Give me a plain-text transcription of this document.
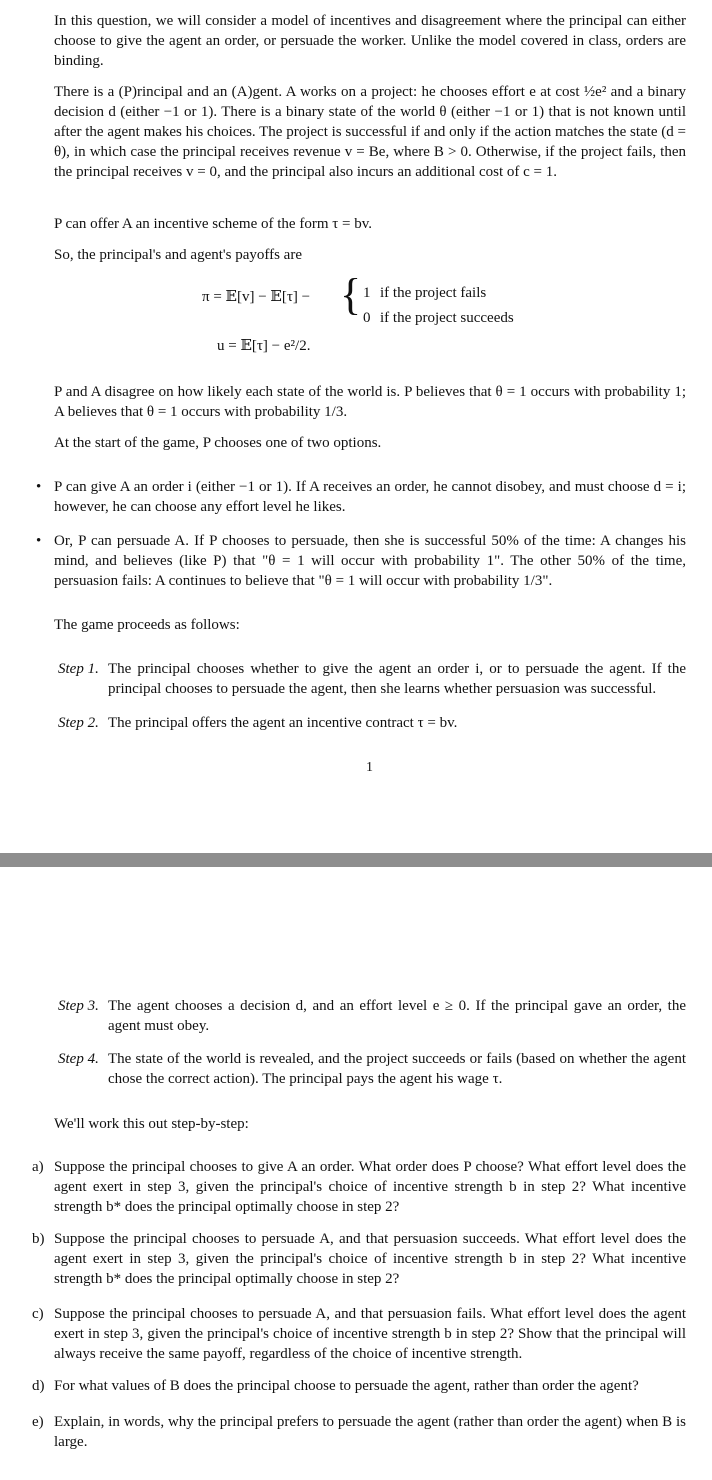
In this question, we will consider a model of incentives and disagreement where the principal can either choose to give the agent an order, or persuade the worker. Unlike the model covered in class, orders are binding.
There is a (P)rincipal and an (A)gent. A works on a project: he chooses effort e at cost ½e² and a binary decision d (either −1 or 1). There is a binary state of the world θ (either −1 or 1) that is not known until after the agent makes his choices. The project is successful if and only if the action matches the state (d = θ), in which case the principal receives revenue v = Be, where B > 0. Otherwise, if the project fails, then the principal receives v = 0, and the principal also incurs an additional cost of c = 1.
P can offer A an incentive scheme of the form τ = bv.
So, the principal's and agent's payoffs are
π = 𝔼[v] − 𝔼[τ] − { 1 if the project fails
0 if the project succeeds
u = 𝔼[τ] − e²/2.
P and A disagree on how likely each state of the world is. P believes that θ = 1 occurs with probability 1; A believes that θ = 1 occurs with probability 1/3.
At the start of the game, P chooses one of two options.
• P can give A an order i (either −1 or 1). If A receives an order, he cannot disobey, and must choose d = i; however, he can choose any effort level he likes.
• Or, P can persuade A. If P chooses to persuade, then she is successful 50% of the time: A changes his mind, and believes (like P) that "θ = 1 will occur with probability 1". The other 50% of the time, persuasion fails: A continues to believe that "θ = 1 will occur with probability 1/3".
The game proceeds as follows:
Step 1. The principal chooses whether to give the agent an order i, or to persuade the agent. If the principal chooses to persuade the agent, then she learns whether persuasion was successful.
Step 2. The principal offers the agent an incentive contract τ = bv.
1
Step 3. The agent chooses a decision d, and an effort level e ≥ 0. If the principal gave an order, the agent must obey.
Step 4. The state of the world is revealed, and the project succeeds or fails (based on whether the agent chose the correct action). The principal pays the agent his wage τ.
We'll work this out step-by-step:
a) Suppose the principal chooses to give A an order. What order does P choose? What effort level does the agent exert in step 3, given the principal's choice of incentive strength b in step 2? What incentive strength b* does the principal optimally choose in step 2?
b) Suppose the principal chooses to persuade A, and that persuasion succeeds. What effort level does the agent exert in step 3, given the principal's choice of incentive strength b in step 2? What incentive strength b* does the principal optimally choose in step 2?
c) Suppose the principal chooses to persuade A, and that persuasion fails. What effort level does the agent exert in step 3, given the principal's choice of incentive strength b in step 2? Show that the principal will always receive the same payoff, regardless of the choice of incentive strength.
d) For what values of B does the principal choose to persuade the agent, rather than order the agent?
e) Explain, in words, why the principal prefers to persuade the agent (rather than order the agent) when B is large.
